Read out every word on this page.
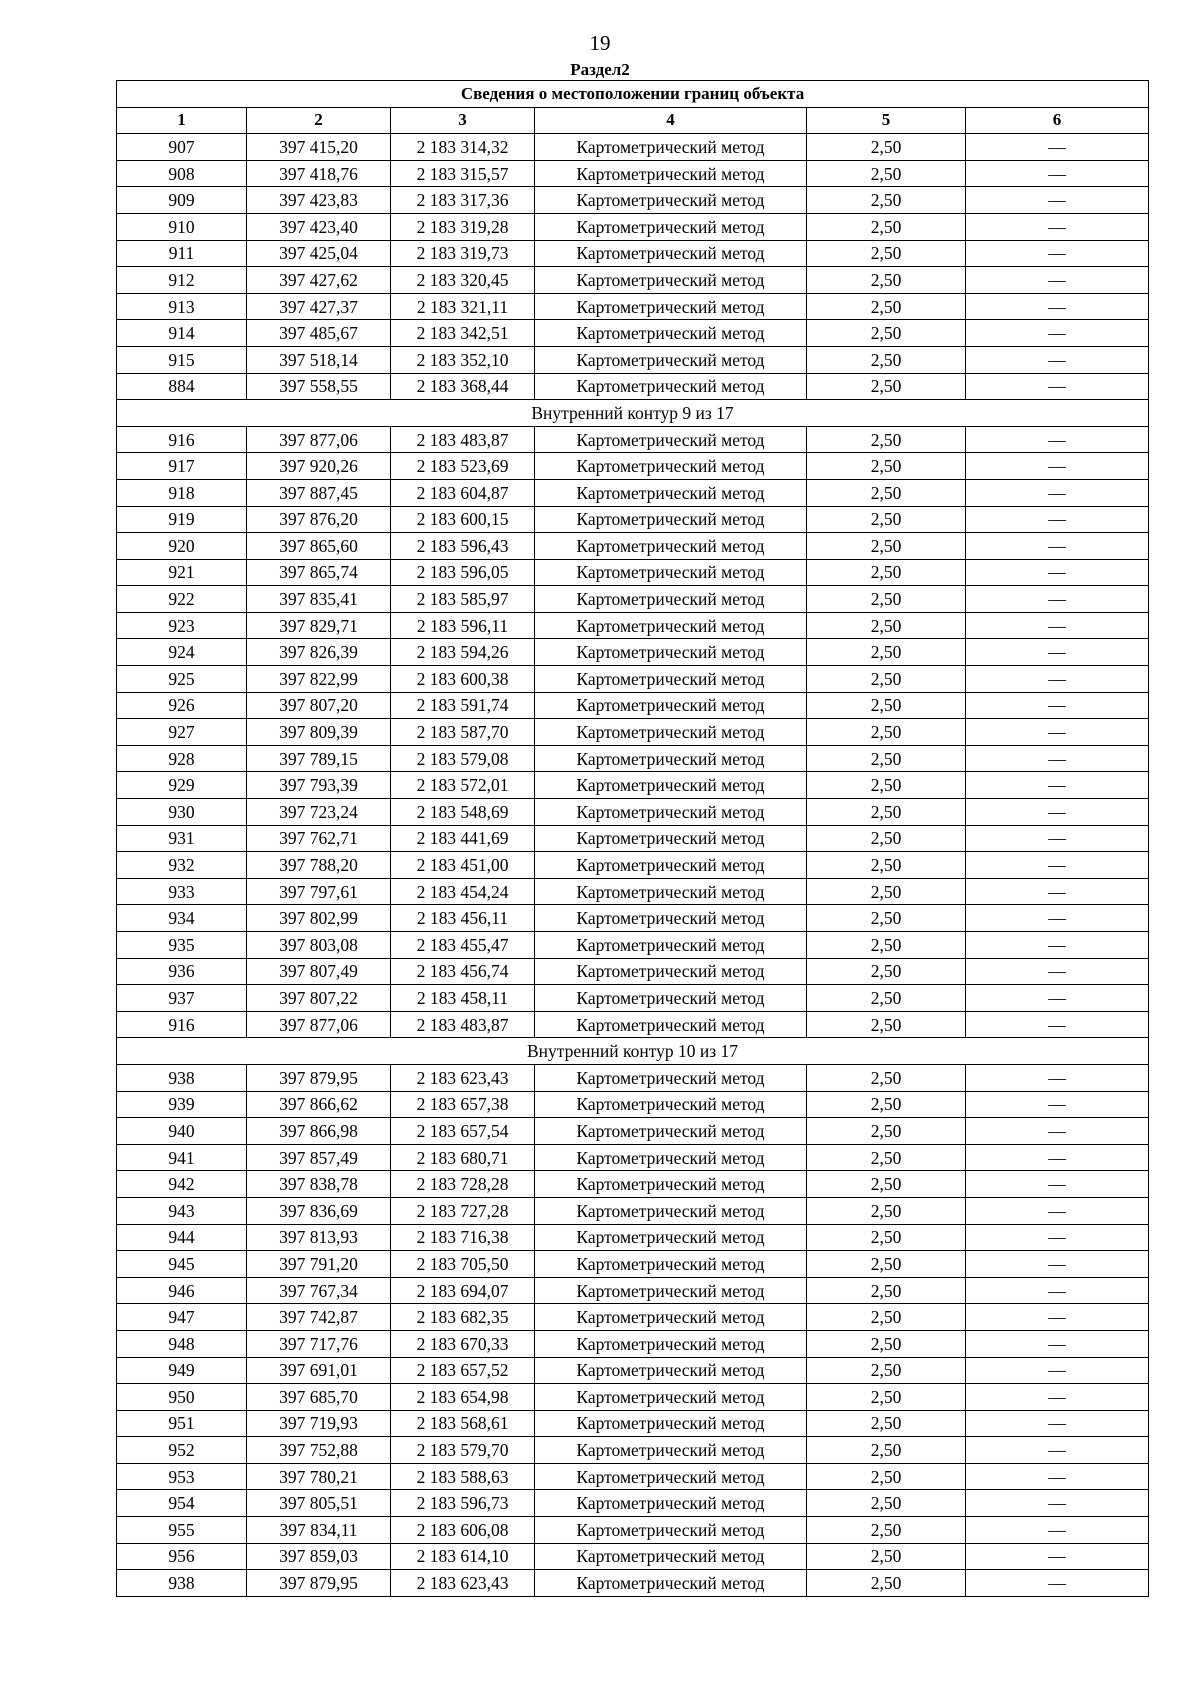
19
Раздел2
Сведения о местоположении границ объекта					
1	2	3	4	5	6
907	397 415,20	2 183 314,32	Картометрический метод	2,50	—
908	397 418,76	2 183 315,57	Картометрический метод	2,50	—
909	397 423,83	2 183 317,36	Картометрический метод	2,50	—
910	397 423,40	2 183 319,28	Картометрический метод	2,50	—
911	397 425,04	2 183 319,73	Картометрический метод	2,50	—
912	397 427,62	2 183 320,45	Картометрический метод	2,50	—
913	397 427,37	2 183 321,11	Картометрический метод	2,50	—
914	397 485,67	2 183 342,51	Картометрический метод	2,50	—
915	397 518,14	2 183 352,10	Картометрический метод	2,50	—
884	397 558,55	2 183 368,44	Картометрический метод	2,50	—
Внутренний контур 9 из 17					
916	397 877,06	2 183 483,87	Картометрический метод	2,50	—
917	397 920,26	2 183 523,69	Картометрический метод	2,50	—
918	397 887,45	2 183 604,87	Картометрический метод	2,50	—
919	397 876,20	2 183 600,15	Картометрический метод	2,50	—
920	397 865,60	2 183 596,43	Картометрический метод	2,50	—
921	397 865,74	2 183 596,05	Картометрический метод	2,50	—
922	397 835,41	2 183 585,97	Картометрический метод	2,50	—
923	397 829,71	2 183 596,11	Картометрический метод	2,50	—
924	397 826,39	2 183 594,26	Картометрический метод	2,50	—
925	397 822,99	2 183 600,38	Картометрический метод	2,50	—
926	397 807,20	2 183 591,74	Картометрический метод	2,50	—
927	397 809,39	2 183 587,70	Картометрический метод	2,50	—
928	397 789,15	2 183 579,08	Картометрический метод	2,50	—
929	397 793,39	2 183 572,01	Картометрический метод	2,50	—
930	397 723,24	2 183 548,69	Картометрический метод	2,50	—
931	397 762,71	2 183 441,69	Картометрический метод	2,50	—
932	397 788,20	2 183 451,00	Картометрический метод	2,50	—
933	397 797,61	2 183 454,24	Картометрический метод	2,50	—
934	397 802,99	2 183 456,11	Картометрический метод	2,50	—
935	397 803,08	2 183 455,47	Картометрический метод	2,50	—
936	397 807,49	2 183 456,74	Картометрический метод	2,50	—
937	397 807,22	2 183 458,11	Картометрический метод	2,50	—
916	397 877,06	2 183 483,87	Картометрический метод	2,50	—
Внутренний контур 10 из 17					
938	397 879,95	2 183 623,43	Картометрический метод	2,50	—
939	397 866,62	2 183 657,38	Картометрический метод	2,50	—
940	397 866,98	2 183 657,54	Картометрический метод	2,50	—
941	397 857,49	2 183 680,71	Картометрический метод	2,50	—
942	397 838,78	2 183 728,28	Картометрический метод	2,50	—
943	397 836,69	2 183 727,28	Картометрический метод	2,50	—
944	397 813,93	2 183 716,38	Картометрический метод	2,50	—
945	397 791,20	2 183 705,50	Картометрический метод	2,50	—
946	397 767,34	2 183 694,07	Картометрический метод	2,50	—
947	397 742,87	2 183 682,35	Картометрический метод	2,50	—
948	397 717,76	2 183 670,33	Картометрический метод	2,50	—
949	397 691,01	2 183 657,52	Картометрический метод	2,50	—
950	397 685,70	2 183 654,98	Картометрический метод	2,50	—
951	397 719,93	2 183 568,61	Картометрический метод	2,50	—
952	397 752,88	2 183 579,70	Картометрический метод	2,50	—
953	397 780,21	2 183 588,63	Картометрический метод	2,50	—
954	397 805,51	2 183 596,73	Картометрический метод	2,50	—
955	397 834,11	2 183 606,08	Картометрический метод	2,50	—
956	397 859,03	2 183 614,10	Картометрический метод	2,50	—
938	397 879,95	2 183 623,43	Картометрический метод	2,50	—
